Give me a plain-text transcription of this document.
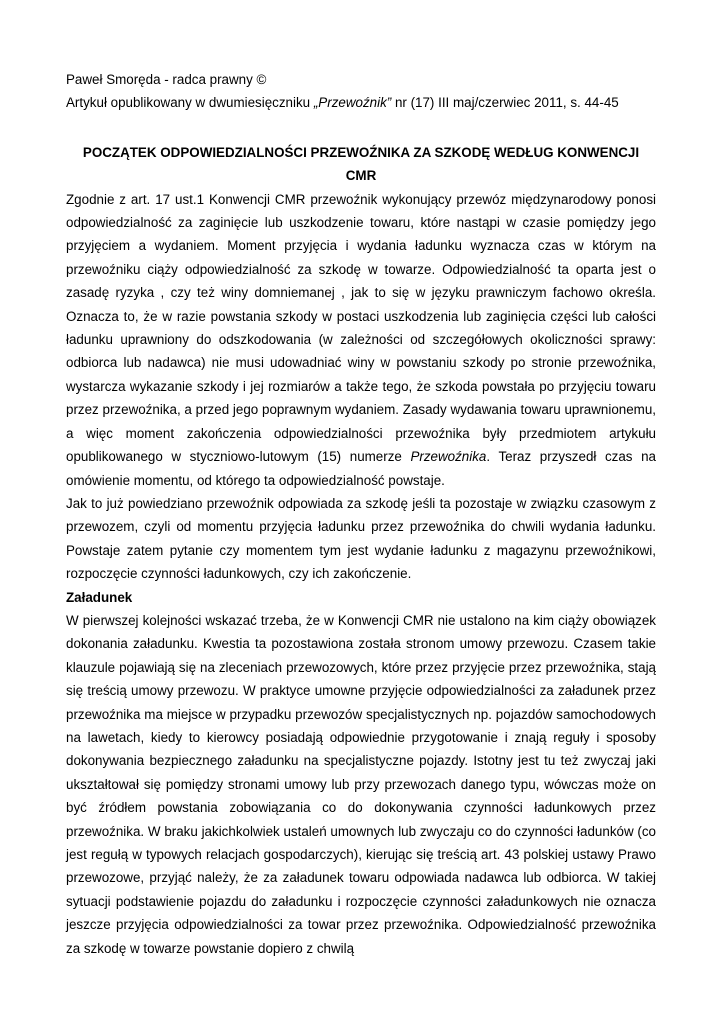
Paweł Smoręda - radca prawny ©

Artykuł opublikowany w dwumiesięczniku „Przewoźnik” nr (17) III maj/czerwiec 2011, s. 44-45

POCZĄTEK ODPOWIEDZIALNOŚCI PRZEWOŹNIKA ZA SZKODĘ WEDŁUG KONWENCJI CMR

Zgodnie z art. 17 ust.1 Konwencji CMR przewoźnik wykonujący przewóz międzynarodowy ponosi odpowiedzialność za zaginięcie lub uszkodzenie towaru, które nastąpi w czasie pomiędzy jego przyjęciem a wydaniem. Moment przyjęcia i wydania ładunku wyznacza czas w którym na przewoźniku ciąży odpowiedzialność za szkodę w towarze. Odpowiedzialność ta oparta jest o zasadę ryzyka , czy też winy domniemanej , jak to się w języku prawniczym fachowo określa. Oznacza to, że w razie powstania szkody w postaci uszkodzenia lub zaginięcia części lub całości ładunku uprawniony do odszkodowania (w zależności od szczegółowych okoliczności sprawy: odbiorca lub nadawca) nie musi udowadniać winy w powstaniu szkody po stronie przewoźnika, wystarcza wykazanie szkody i jej rozmiarów a także tego, że szkoda powstała po przyjęciu towaru przez przewoźnika, a przed jego poprawnym wydaniem. Zasady wydawania towaru uprawnionemu, a więc moment zakończenia odpowiedzialności przewoźnika były przedmiotem artykułu opublikowanego w styczniowo-lutowym (15) numerze Przewoźnika. Teraz przyszedł czas na omówienie momentu, od którego ta odpowiedzialność powstaje.

Jak to już powiedziano przewoźnik odpowiada za szkodę jeśli ta pozostaje w związku czasowym z przewozem, czyli od momentu przyjęcia ładunku przez przewoźnika do chwili wydania ładunku. Powstaje zatem pytanie czy momentem tym jest wydanie ładunku z magazynu przewoźnikowi, rozpoczęcie czynności ładunkowych, czy ich zakończenie.

Załadunek

W pierwszej kolejności wskazać trzeba, że w Konwencji CMR nie ustalono na kim ciąży obowiązek dokonania załadunku. Kwestia ta pozostawiona została stronom umowy przewozu. Czasem takie klauzule pojawiają się na zleceniach przewozowych, które przez przyjęcie przez przewoźnika, stają się treścią umowy przewozu. W praktyce umowne przyjęcie odpowiedzialności za załadunek przez przewoźnika ma miejsce w przypadku przewozów specjalistycznych np. pojazdów samochodowych na lawetach, kiedy to kierowcy posiadają odpowiednie przygotowanie i znają reguły i sposoby dokonywania bezpiecznego załadunku na specjalistyczne pojazdy. Istotny jest tu też zwyczaj jaki ukształtował się pomiędzy stronami umowy lub przy przewozach danego typu, wówczas może on być źródłem powstania zobowiązania co do dokonywania czynności ładunkowych przez przewoźnika. W braku jakichkolwiek ustaleń umownych lub zwyczaju co do czynności ładunków (co jest regułą w typowych relacjach gospodarczych), kierując się treścią art. 43 polskiej ustawy Prawo przewozowe, przyjąć należy, że za załadunek towaru odpowiada nadawca lub odbiorca. W takiej sytuacji podstawienie pojazdu do załadunku i rozpoczęcie czynności załadunkowych nie oznacza jeszcze przyjęcia odpowiedzialności za towar przez przewoźnika. Odpowiedzialność przewoźnika za szkodę w towarze powstanie dopiero z chwilą
